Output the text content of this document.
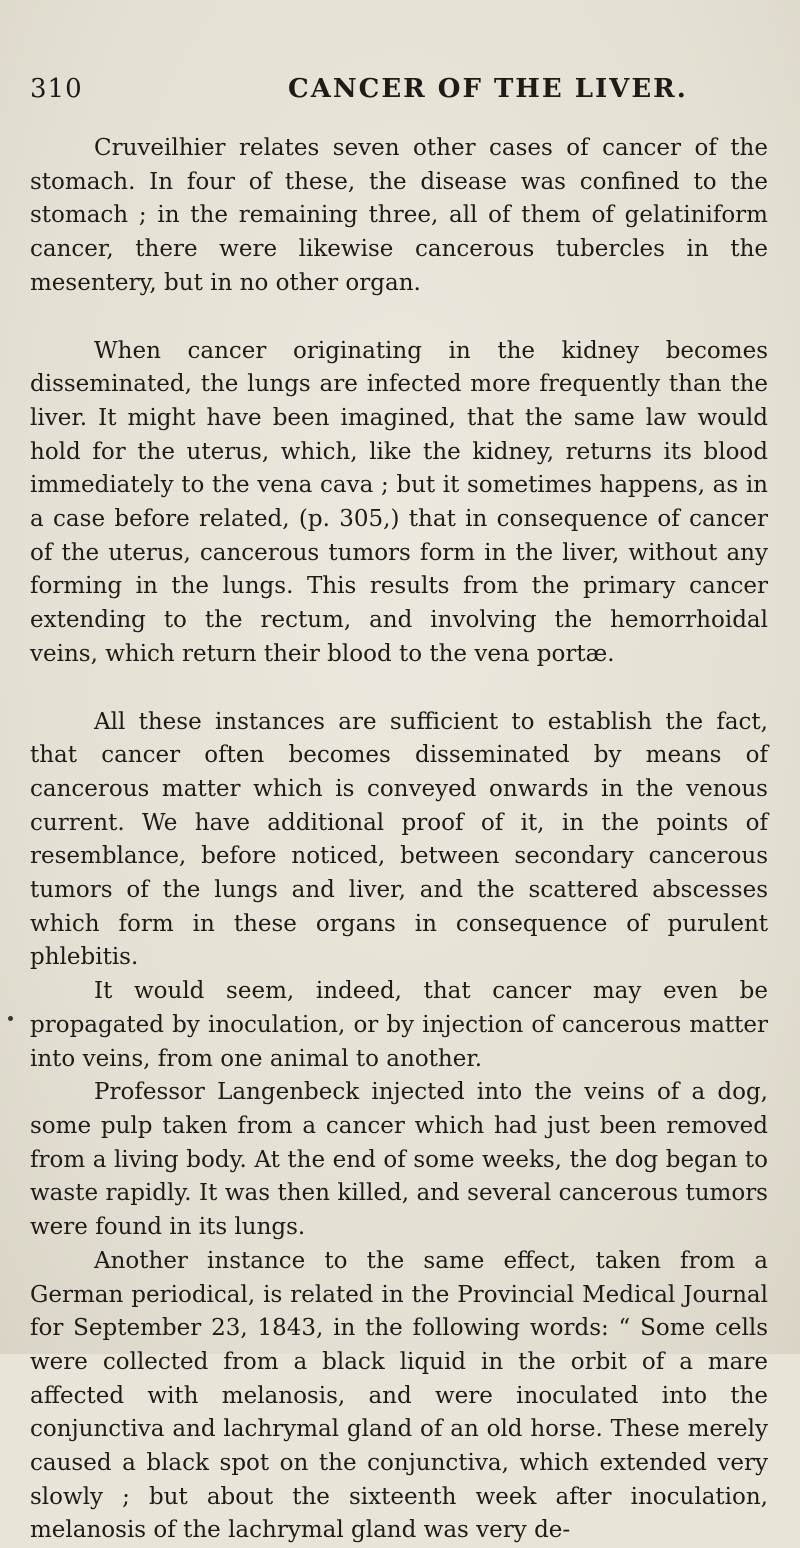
310	CANCER OF THE LIVER.

Cruveilhier relates seven other cases of cancer of the stomach. In four of these, the disease was confined to the stomach ; in the remaining three, all of them of gelatiniform cancer, there were likewise cancerous tubercles in the mesentery, but in no other organ.

When cancer originating in the kidney becomes disseminated, the lungs are infected more frequently than the liver. It might have been imagined, that the same law would hold for the uterus, which, like the kidney, returns its blood immediately to the vena cava ; but it sometimes happens, as in a case before related, (p. 305,) that in consequence of cancer of the uterus, cancerous tumors form in the liver, without any forming in the lungs. This results from the primary cancer extending to the rectum, and involving the hemorrhoidal veins, which return their blood to the vena portæ.

All these instances are sufficient to establish the fact, that cancer often becomes disseminated by means of cancerous matter which is conveyed onwards in the venous current. We have additional proof of it, in the points of resemblance, before noticed, between secondary cancerous tumors of the lungs and liver, and the scattered abscesses which form in these organs in consequence of purulent phlebitis.

It would seem, indeed, that cancer may even be propagated by inoculation, or by injection of cancerous matter into veins, from one animal to another.

Professor Langenbeck injected into the veins of a dog, some pulp taken from a cancer which had just been removed from a living body. At the end of some weeks, the dog began to waste rapidly. It was then killed, and several cancerous tumors were found in its lungs.

Another instance to the same effect, taken from a German periodical, is related in the Provincial Medical Journal for September 23, 1843, in the following words: “ Some cells were collected from a black liquid in the orbit of a mare affected with melanosis, and were inoculated into the conjunctiva and lachrymal gland of an old horse. These merely caused a black spot on the conjunctiva, which extended very slowly ; but about the sixteenth week after inoculation, melanosis of the lachrymal gland was very de-
